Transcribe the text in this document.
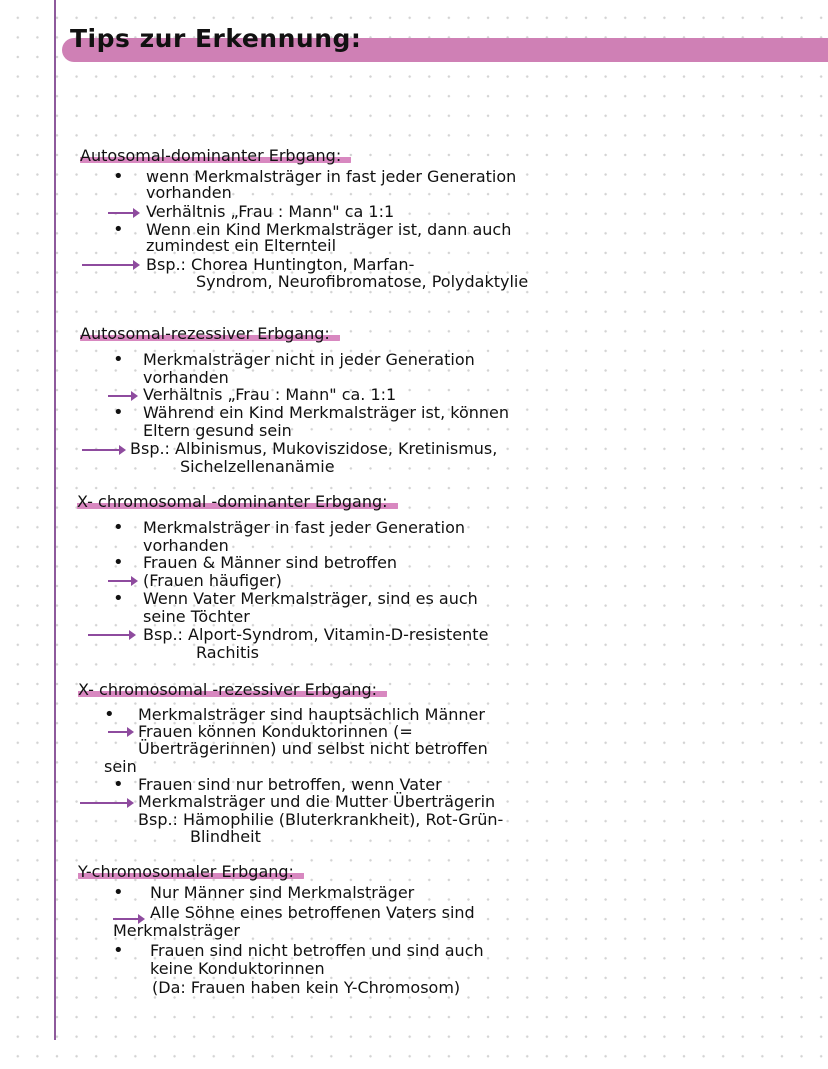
Tips zur Erkennung:
Autosomal-dominanter Erbgang:
• wenn Merkmalsträger in fast jeder Generation
vorhanden
Verhältnis „Frau : Mann" ca 1:1
• Wenn ein Kind Merkmalsträger ist, dann auch
zumindest ein Elternteil
Bsp.: Chorea Huntington, Marfan-
Syndrom, Neurofibromatose, Polydaktylie
Autosomal-rezessiver Erbgang:
• Merkmalsträger nicht in jeder Generation
vorhanden
Verhältnis „Frau : Mann" ca. 1:1
• Während ein Kind Merkmalsträger ist, können
Eltern gesund sein
Bsp.: Albinismus, Mukoviszidose, Kretinismus,
Sichelzellenanämie
X- chromosomal -dominanter Erbgang:
• Merkmalsträger in fast jeder Generation
vorhanden
• Frauen & Männer sind betroffen
(Frauen häufiger)
• Wenn Vater Merkmalsträger, sind es auch
seine Töchter
Bsp.: Alport-Syndrom, Vitamin-D-resistente
Rachitis
X- chromosomal -rezessiver Erbgang:
• Merkmalsträger sind hauptsächlich Männer
Frauen können Konduktorinnen (=
Überträgerinnen) und selbst nicht betroffen
sein
• Frauen sind nur betroffen, wenn Vater
Merkmalsträger und die Mutter Überträgerin
Bsp.: Hämophilie (Bluterkrankheit), Rot-Grün-
Blindheit
Y-chromosomaler Erbgang:
• Nur Männer sind Merkmalsträger
Alle Söhne eines betroffenen Vaters sind
Merkmalsträger
• Frauen sind nicht betroffen und sind auch
keine Konduktorinnen
(Da: Frauen haben kein Y-Chromosom)
